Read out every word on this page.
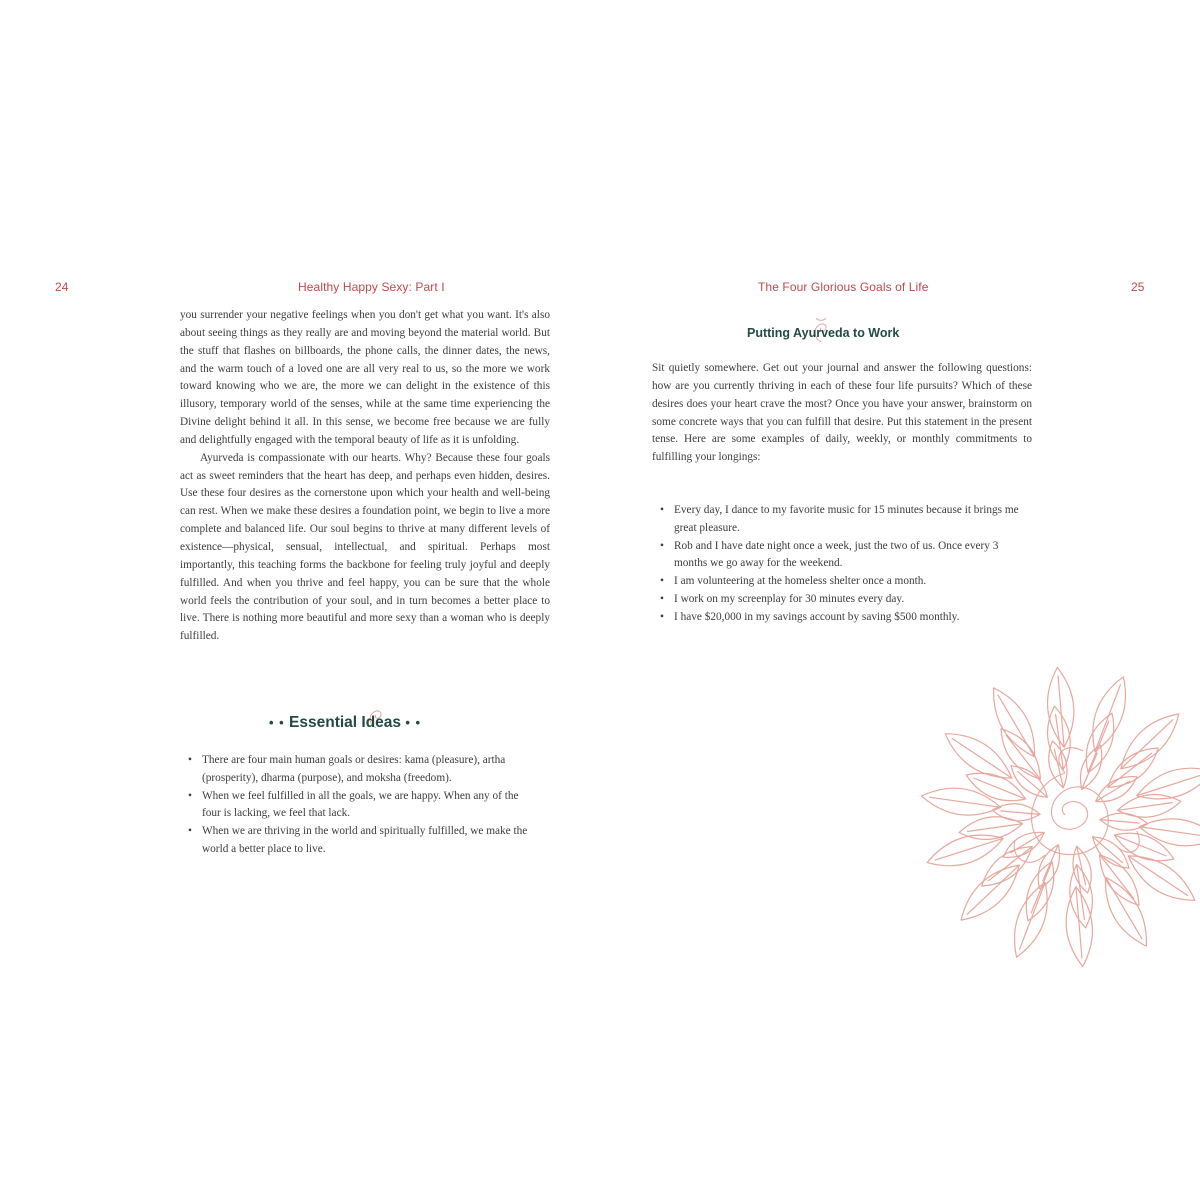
24	Healthy Happy Sexy: Part I

you surrender your negative feelings when you don't get what you want. It's also about seeing things as they really are and moving beyond the material world. But the stuff that flashes on billboards, the phone calls, the dinner dates, the news, and the warm touch of a loved one are all very real to us, so the more we work toward knowing who we are, the more we can delight in the existence of this illusory, temporary world of the senses, while at the same time experiencing the Divine delight behind it all. In this sense, we become free because we are fully and delightfully engaged with the temporal beauty of life as it is unfolding.

Ayurveda is compassionate with our hearts. Why? Because these four goals act as sweet reminders that the heart has deep, and perhaps even hidden, desires. Use these four desires as the cornerstone upon which your health and well-being can rest. When we make these desires a foundation point, we begin to live a more complete and balanced life. Our soul begins to thrive at many different levels of existence—physical, sensual, intellectual, and spiritual. Perhaps most importantly, this teaching forms the backbone for feeling truly joyful and deeply fulfilled. And when you thrive and feel happy, you can be sure that the whole world feels the contribution of your soul, and in turn becomes a better place to live. There is nothing more beautiful and more sexy than a woman who is deeply fulfilled.

• • Essential Ideas • •
• There are four main human goals or desires: kama (pleasure), artha (prosperity), dharma (purpose), and moksha (freedom).
• When we feel fulfilled in all the goals, we are happy. When any of the four is lacking, we feel that lack.
• When we are thriving in the world and spiritually fulfilled, we make the world a better place to live.
The Four Glorious Goals of Life	25
Putting Ayurveda to Work

Sit quietly somewhere. Get out your journal and answer the following questions: how are you currently thriving in each of these four life pursuits? Which of these desires does your heart crave the most? Once you have your answer, brainstorm on some concrete ways that you can fulfill that desire. Put this statement in the present tense. Here are some examples of daily, weekly, or monthly commitments to fulfilling your longings:

• Every day, I dance to my favorite music for 15 minutes because it brings me great pleasure.
• Rob and I have date night once a week, just the two of us. Once every 3 months we go away for the weekend.
• I am volunteering at the homeless shelter once a month.
• I work on my screenplay for 30 minutes every day.
• I have $20,000 in my savings account by saving $500 monthly.
